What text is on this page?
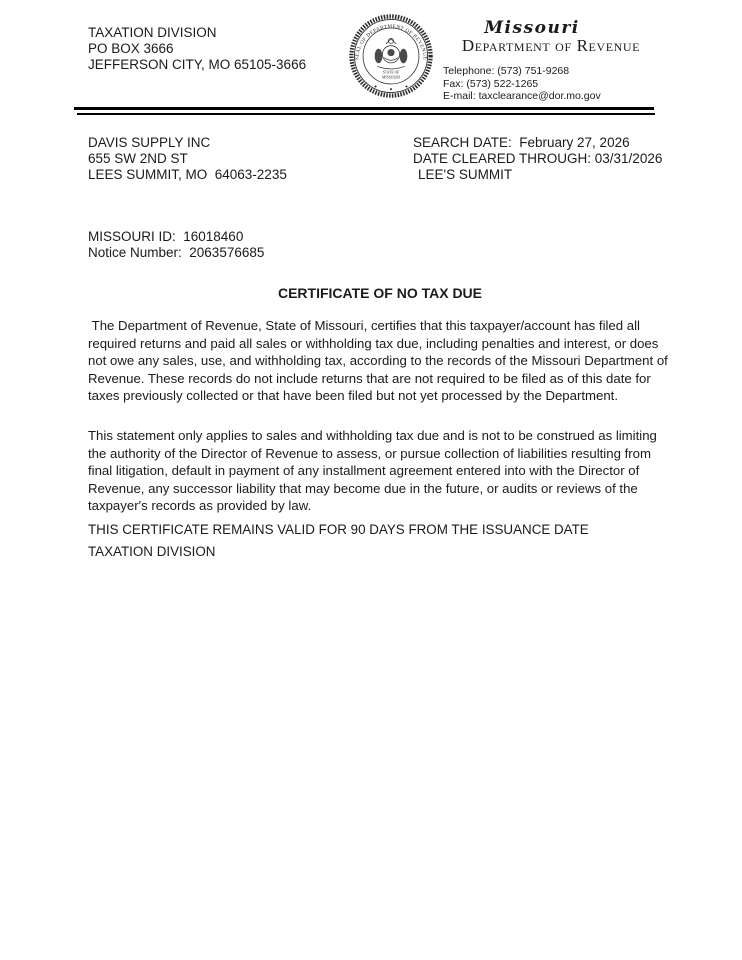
TAXATION DIVISION
PO BOX 3666
JEFFERSON CITY, MO 65105-3666	SEAL OF DEPARTMENT OF REVENUE
STATE OF
MISSOURI
Missouri
Department of Revenue
Telephone: (573) 751-9268
Fax: (573) 522-1265
E-mail: taxclearance@dor.mo.gov
DAVIS SUPPLY INC
655 SW 2ND ST
LEES SUMMIT, MO  64063-2235
SEARCH DATE:  February 27, 2026
DATE CLEARED THROUGH: 03/31/2026
LEE'S SUMMIT
MISSOURI ID:  16018460
Notice Number:  2063576685
CERTIFICATE OF NO TAX DUE
The Department of Revenue, State of Missouri, certifies that this taxpayer/account has filed all required returns and paid all sales or withholding tax due, including penalties and interest, or does not owe any sales, use, and withholding tax, according to the records of the Missouri Department of Revenue. These records do not include returns that are not required to be filed as of this date for taxes previously collected or that have been filed but not yet processed by the Department.
This statement only applies to sales and withholding tax due and is not to be construed as limiting the authority of the Director of Revenue to assess, or pursue collection of liabilities resulting from final litigation, default in payment of any installment agreement entered into with the Director of Revenue, any successor liability that may become due in the future, or audits or reviews of the taxpayer's records as provided by law.
THIS CERTIFICATE REMAINS VALID FOR 90 DAYS FROM THE ISSUANCE DATE
TAXATION DIVISION
